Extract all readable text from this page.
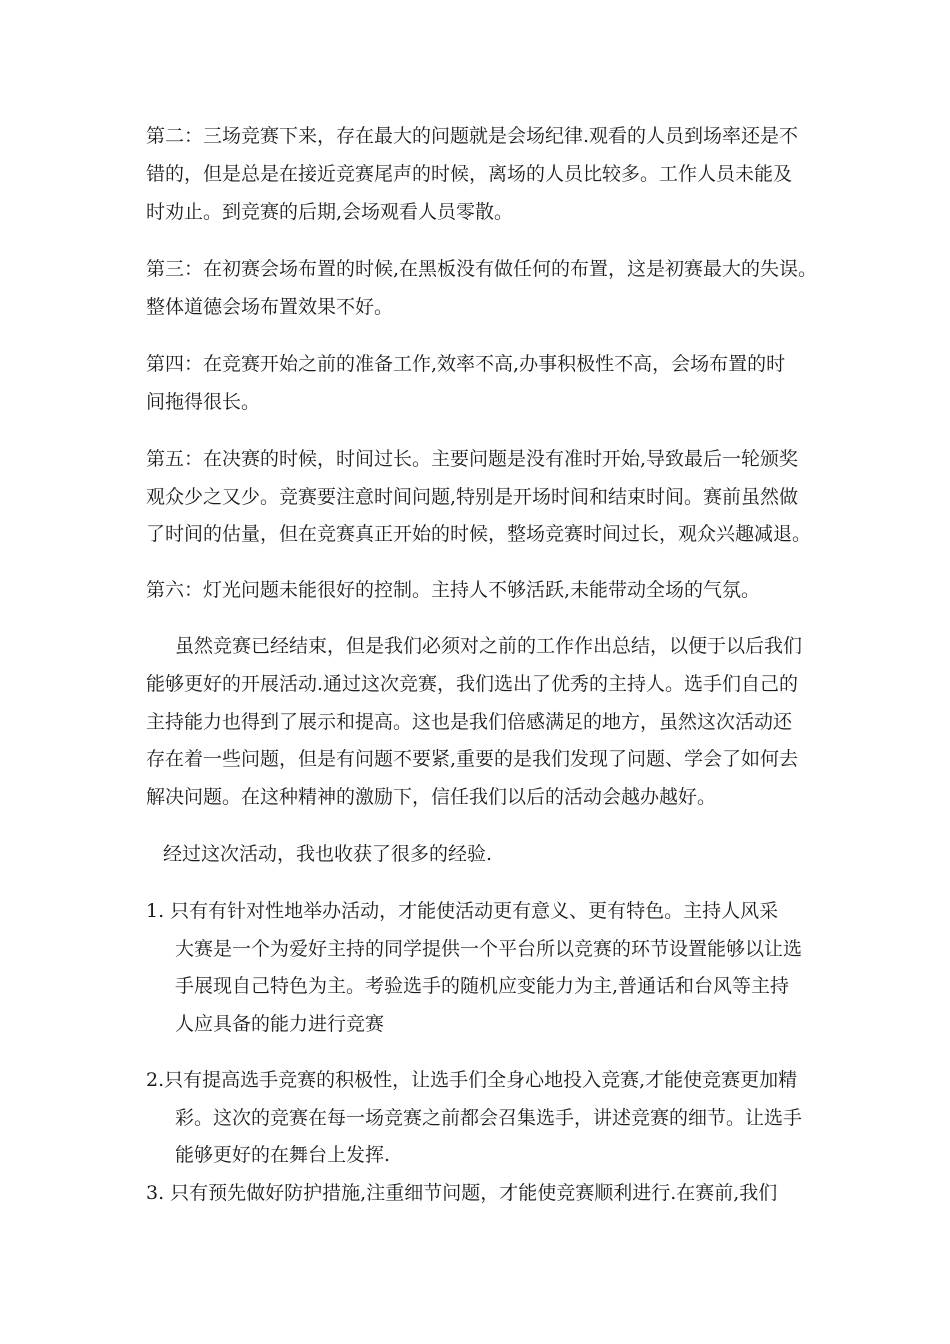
第二：三场竞赛下来，存在最大的问题就是会场纪律.观看的人员到场率还是不
错的，但是总是在接近竞赛尾声的时候，离场的人员比较多。工作人员未能及
时劝止。到竞赛的后期,会场观看人员零散。
第三：在初赛会场布置的时候,在黑板没有做任何的布置，这是初赛最大的失误。
整体道德会场布置效果不好。
第四：在竞赛开始之前的准备工作,效率不高,办事积极性不高，会场布置的时
间拖得很长。
第五：在决赛的时候，时间过长。主要问题是没有准时开始,导致最后一轮颁奖
观众少之又少。竞赛要注意时间问题,特别是开场时间和结束时间。赛前虽然做
了时间的估量，但在竞赛真正开始的时候，整场竞赛时间过长，观众兴趣减退。
第六：灯光问题未能很好的控制。主持人不够活跃,未能带动全场的气氛。
虽然竞赛已经结束，但是我们必须对之前的工作作出总结，以便于以后我们
能够更好的开展活动.通过这次竞赛，我们选出了优秀的主持人。选手们自己的
主持能力也得到了展示和提高。这也是我们倍感满足的地方，虽然这次活动还
存在着一些问题，但是有问题不要紧,重要的是我们发现了问题、学会了如何去
解决问题。在这种精神的激励下，信任我们以后的活动会越办越好。
经过这次活动，我也收获了很多的经验.
1. 只有有针对性地举办活动，才能使活动更有意义、更有特色。主持人风采
大赛是一个为爱好主持的同学提供一个平台所以竞赛的环节设置能够以让选
手展现自己特色为主。考验选手的随机应变能力为主,普通话和台风等主持
人应具备的能力进行竞赛
2.只有提高选手竞赛的积极性，让选手们全身心地投入竞赛,才能使竞赛更加精
彩。这次的竞赛在每一场竞赛之前都会召集选手，讲述竞赛的细节。让选手
能够更好的在舞台上发挥.
3. 只有预先做好防护措施,注重细节问题，才能使竞赛顺利进行.在赛前,我们
